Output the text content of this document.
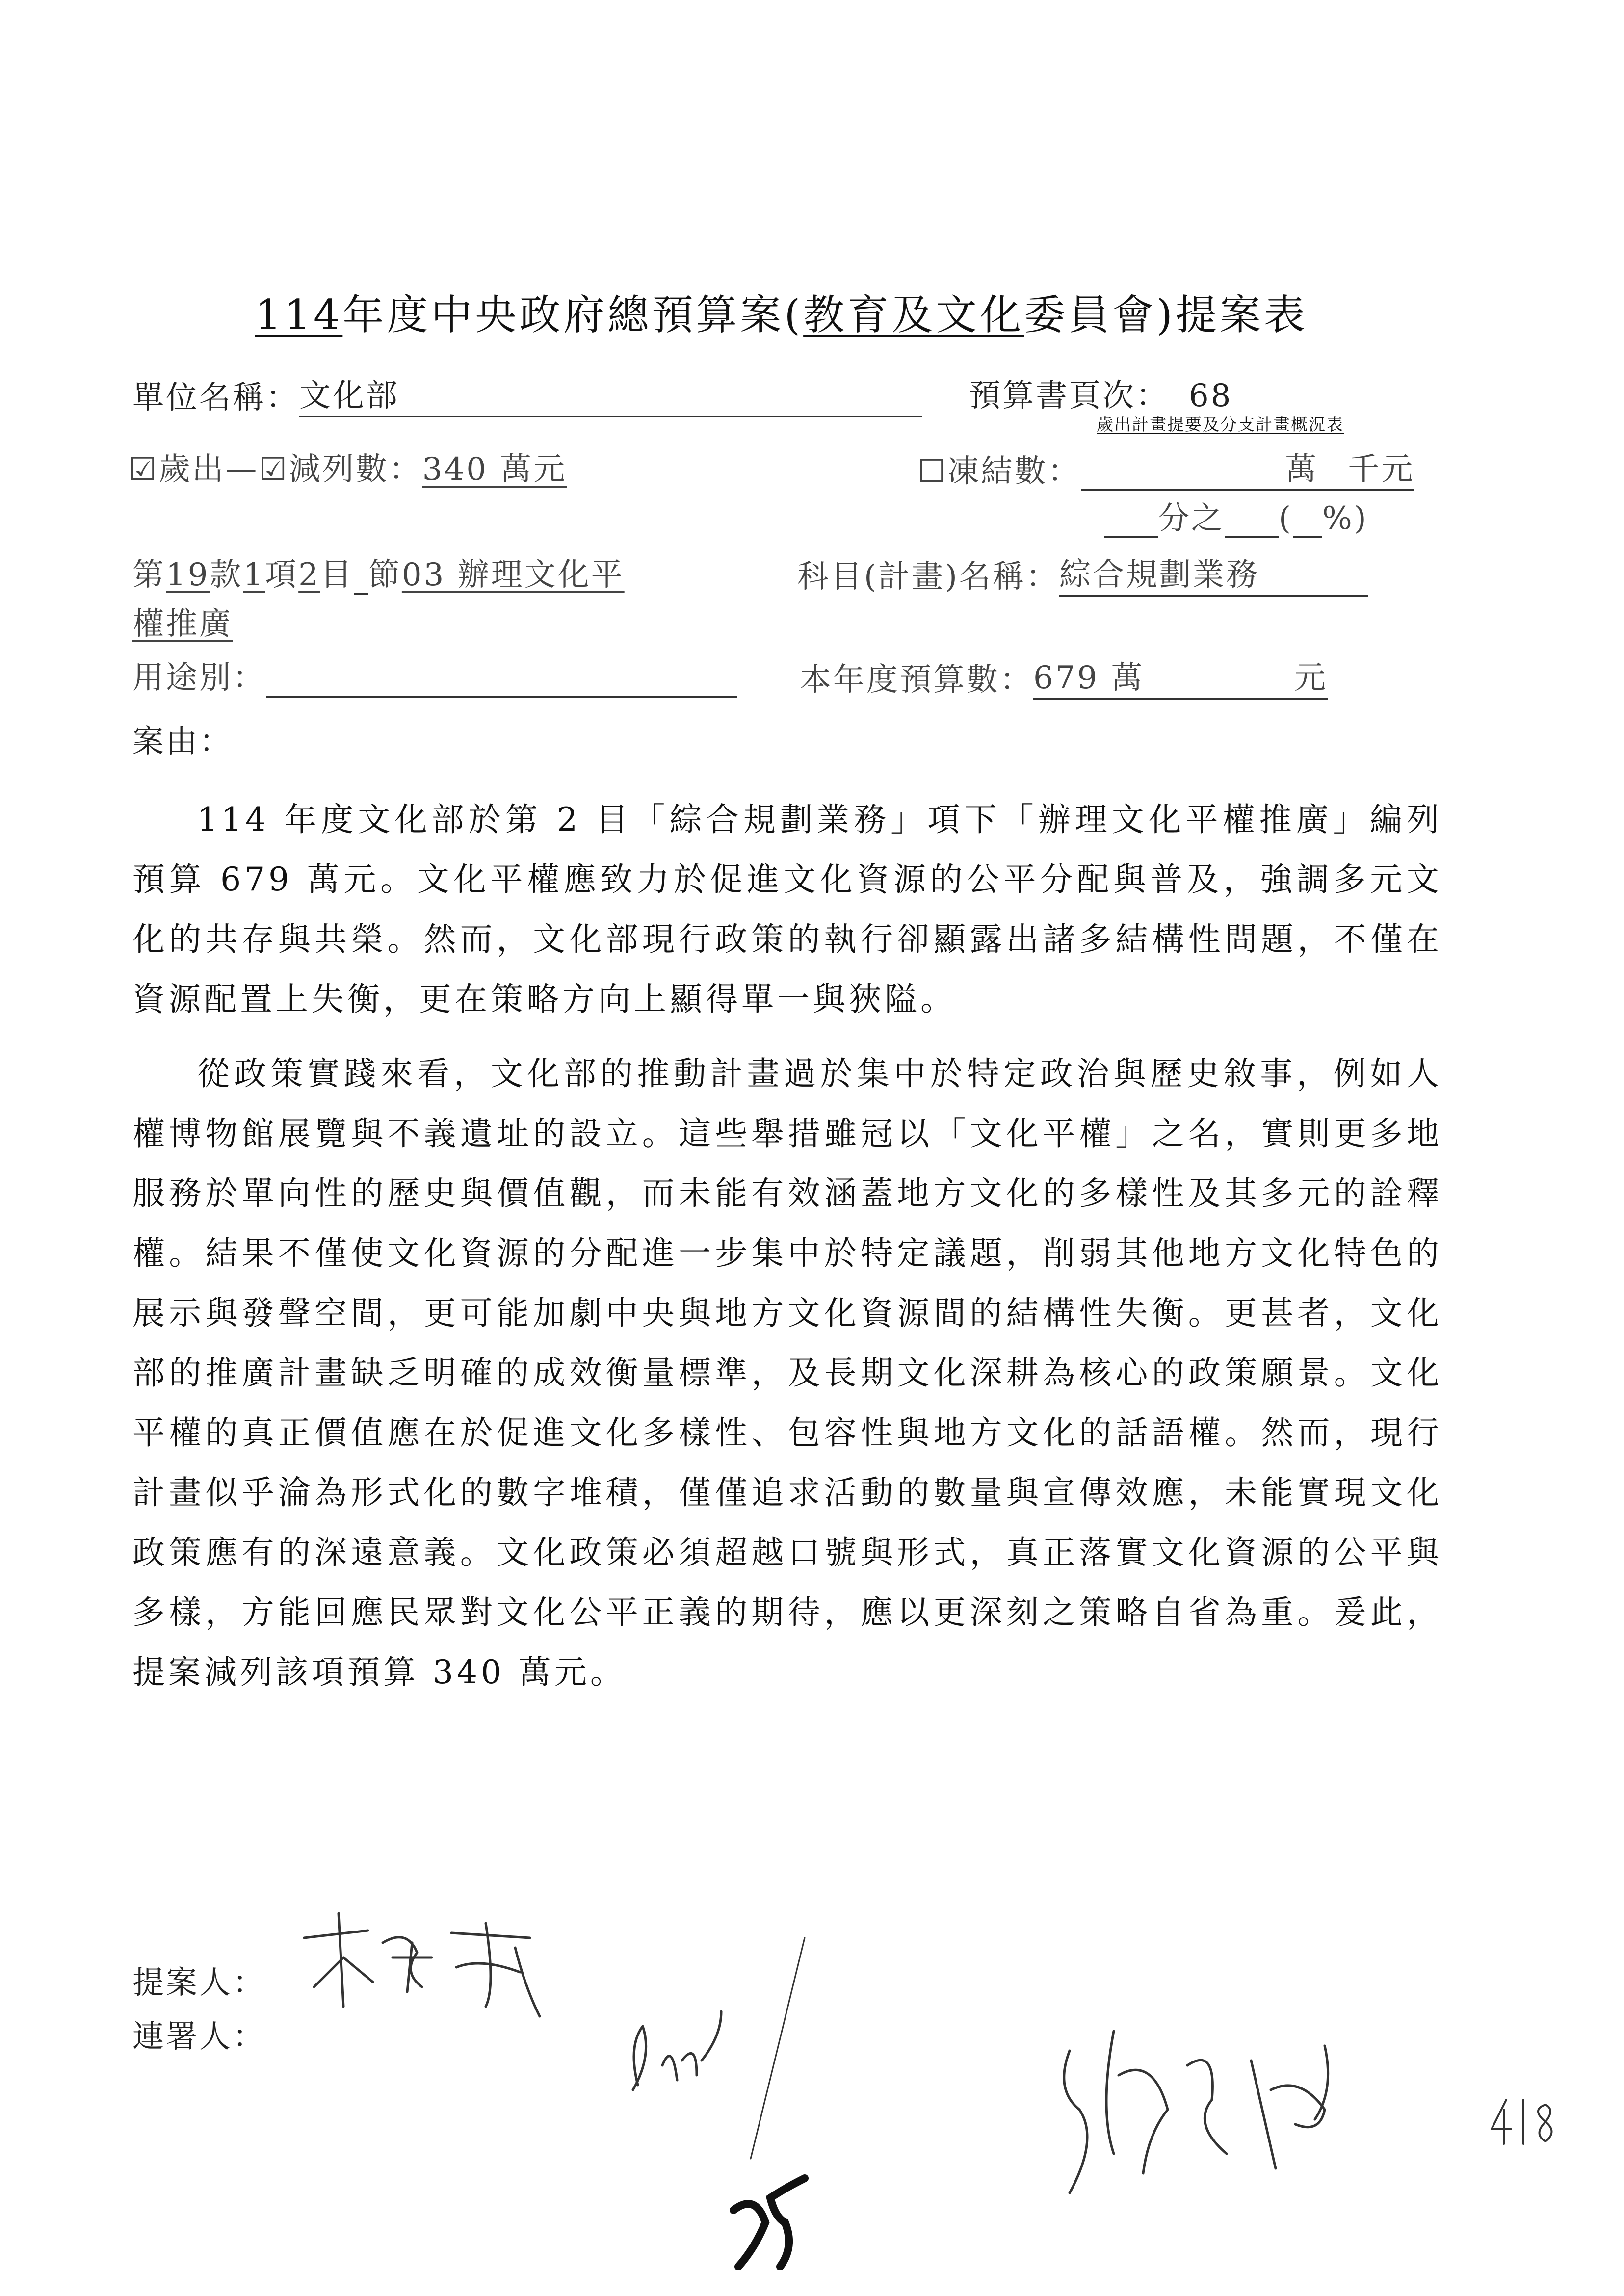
114年度中央政府總預算案(教育及文化委員會)提案表
單位名稱：文化部	預算書頁次： 68
歲出計畫提要及分支計畫概況表
☑歲出—☑減列數：340 萬元	☐凍結數：	萬 千元
分之 ( %)
第19款1項2目 節03 辦理文化平
權推廣
科目(計畫)名稱：綜合規劃業務
用途別：	本年度預算數：679 萬	元
案由：

114 年度文化部於第 2 目「綜合規劃業務」項下「辦理文化平權推廣」編列預算 679 萬元。文化平權應致力於促進文化資源的公平分配與普及，強調多元文化的共存與共榮。然而，文化部現行政策的執行卻顯露出諸多結構性問題，不僅在資源配置上失衡，更在策略方向上顯得單一與狹隘。

從政策實踐來看，文化部的推動計畫過於集中於特定政治與歷史敘事，例如人權博物館展覽與不義遺址的設立。這些舉措雖冠以「文化平權」之名，實則更多地服務於單向性的歷史與價值觀，而未能有效涵蓋地方文化的多樣性及其多元的詮釋權。結果不僅使文化資源的分配進一步集中於特定議題，削弱其他地方文化特色的展示與發聲空間，更可能加劇中央與地方文化資源間的結構性失衡。更甚者，文化部的推廣計畫缺乏明確的成效衡量標準，及長期文化深耕為核心的政策願景。文化平權的真正價值應在於促進文化多樣性、包容性與地方文化的話語權。然而，現行計畫似乎淪為形式化的數字堆積，僅僅追求活動的數量與宣傳效應，未能實現文化政策應有的深遠意義。文化政策必須超越口號與形式，真正落實文化資源的公平與多樣，方能回應民眾對文化公平正義的期待，應以更深刻之策略自省為重。爰此，提案減列該項預算 340 萬元。

提案人：
連署人：
